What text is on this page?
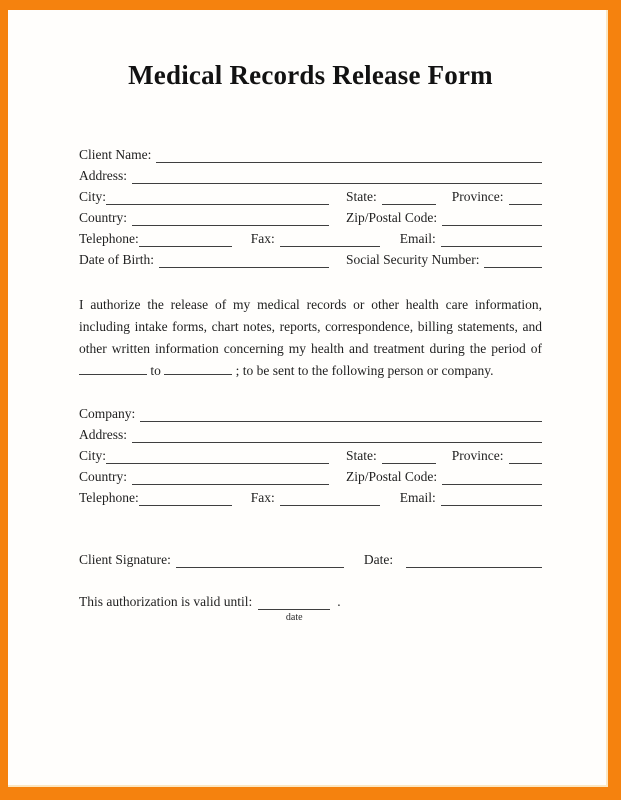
Medical Records Release Form
Client Name:
Address:
City:	State:	Province:
Country:	Zip/Postal Code:
Telephone:	Fax:	Email:
Date of Birth:	Social Security Number:

I authorize the release of my medical records or other health care information, including intake forms, chart notes, reports, correspondence, billing statements, and other written information concerning my health and treatment during the period of  to	; to be sent to the following person or company.

Company:
Address:
City:	State:	Province:
Country:	Zip/Postal Code:
Telephone:	Fax:	Email:
Client Signature:	Date:
This authorization is valid until:
date
.
